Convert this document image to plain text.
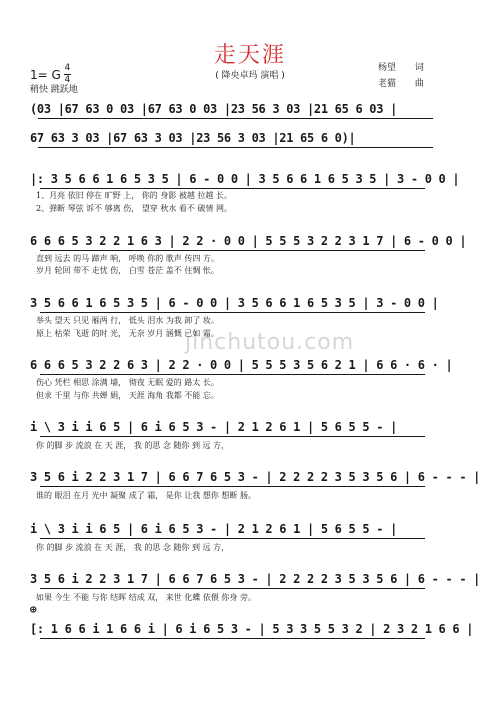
走天涯
1= G $\frac{4}{4}$
稍快 跳跃地
( 降央卓玛 演唱 )
杨望 词
老猫 曲
jinchutou.com
(03 |67 63 0 03 |67 63 0 03 |23 56 3 03 |21 65 6 03 |
67 63 3 03 |67 63 3 03 |23 56 3 03 |21 65 6 0)|
|: 3 5 6 6 1 6 5 3 5 | 6 - 0 0 | 3 5 6 6 1 6 5 3 5 | 3 - 0 0 |
1、月亮 依旧 停在 旷野 上， 你的 身影 被越 拉越 长。
2、弹断 琴弦 诉不 够离 伤， 望穿 秋水 看不 破情 网。
6 6 6 5 3 2 2 1 6 3 | 2 2 · 0 0 | 5 5 5 3 2 2 3 1 7 | 6 - 0 0 |
直到 远去 的马 蹄声 响， 呼唤 你的 歌声 传四 方。
岁月 轮回 带不 走忧 伤， 白雪 苍茫 盖不 住惆 怅。
3 5 6 6 1 6 5 3 5 | 6 - 0 0 | 3 5 6 6 1 6 5 3 5 | 3 - 0 0 |
举头 望天 只见 雁两 行， 低头 泪水 为我 卸了 妆。
原上 枯荣 飞逝 的时 光， 无奈 岁月 涵慨 已如 霜。
6 6 6 5 3 2 2 6 3 | 2 2 · 0 0 | 5 5 5 3 5 6 2 1 | 6 6 · 6 · |
伤心 凭栏 相思 涂满 墙， 彻夜 无眠 爱的 路太 长。
但求 千里 与你 共婵 娟， 天涯 海角 我都 不能 忘。
i \ 3 i i 6 5 | 6 i 6 5 3 - | 2 1 2 6 1 | 5 6 5 5 - |
你 的脚 步 流浪 在 天 涯， 我 的思 念 随你 到 远 方，
3 5 6 i 2 2 3 1 7 | 6 6 7 6 5 3 - | 2 2 2 2 3 5 3 5 6 | 6 - - - |
谁的 眼泪 在月 光中 凝聚 成了 霜， 是你 让我 想你 想断 肠。
i \ 3 i i 6 5 | 6 i 6 5 3 - | 2 1 2 6 1 | 5 6 5 5 - |
你 的脚 步 流浪 在 天 涯， 我 的思 念 随你 到 远 方，
3 5 6 i 2 2 3 1 7 | 6 6 7 6 5 3 - | 2 2 2 2 3 5 3 5 6 | 6 - - - |
如果 今生 不能 与你 结晖 结成 双， 来世 化蝶 依偎 你身 旁。
⊕
[: 1 6 6 i 1 6 6 i | 6 i 6 5 3 - | 5 3 3 5 5 3 2 | 2 3 2 1 6 6 |
